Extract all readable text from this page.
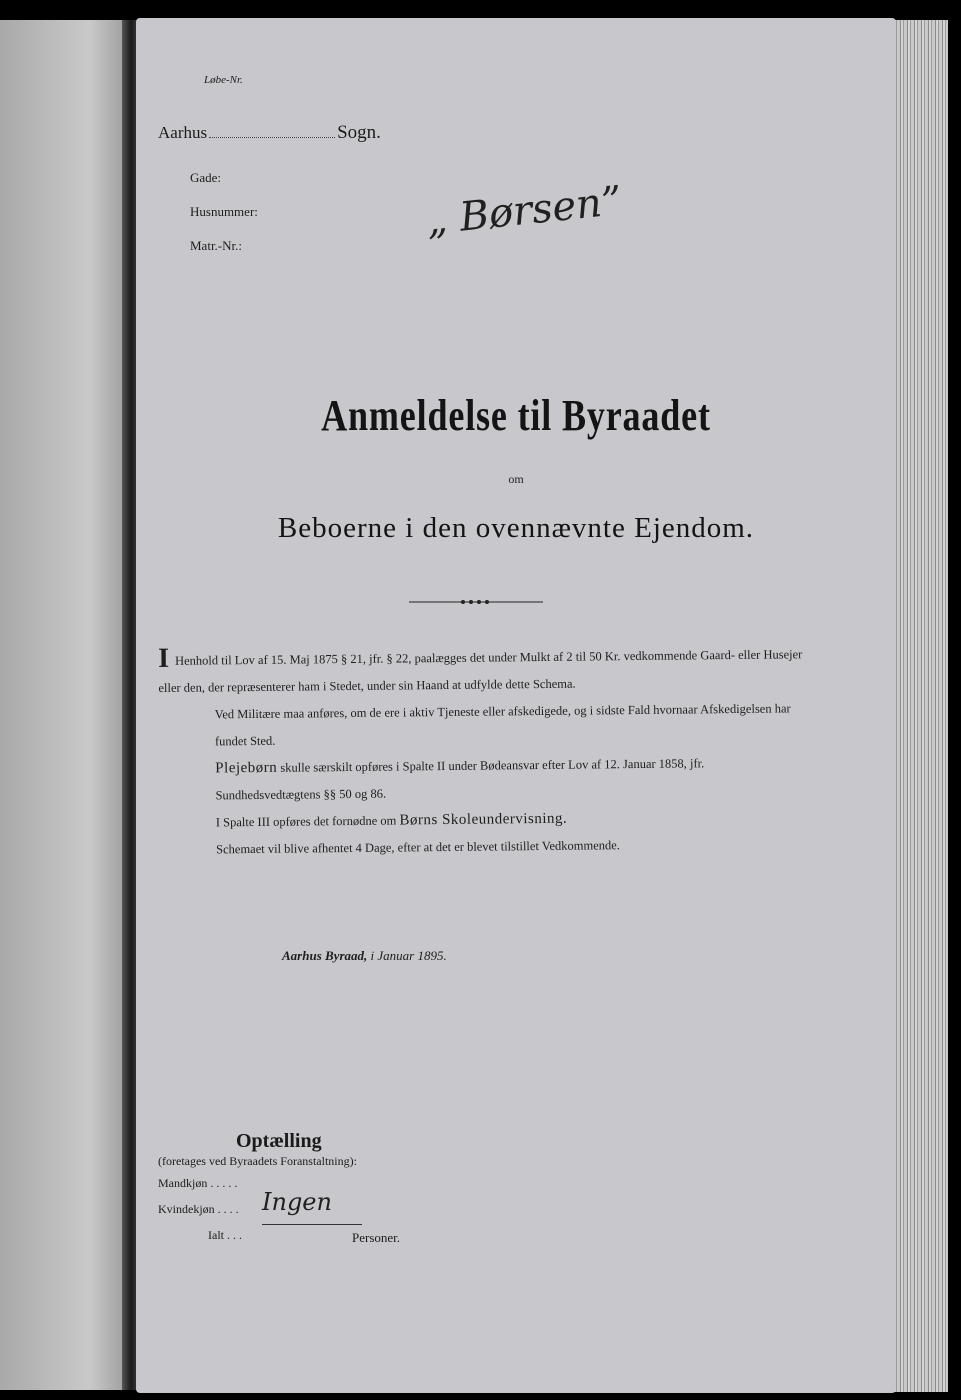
Løbe-Nr.
Aarhus	Sogn.
Gade:
Husnummer:
Matr.-Nr.:
„ Børsen”
Anmeldelse til Byraadet
om
Beboerne i den ovennævnte Ejendom.

I Henhold til Lov af 15. Maj 1875 § 21, jfr. § 22, paalægges det under Mulkt af 2 til 50 Kr. vedkommende Gaard- eller Husejer eller den, der repræsenterer ham i Stedet, under sin Haand at udfylde dette Schema.

Ved Militære maa anføres, om de ere i aktiv Tjeneste eller afskedigede, og i sidste Fald hvornaar Afskedigelsen har fundet Sted.

Plejebørn skulle særskilt opføres i Spalte II under Bødeansvar efter Lov af 12. Januar 1858, jfr. Sundhedsvedtægtens §§ 50 og 86.

I Spalte III opføres det fornødne om Børns Skoleundervisning.

Schemaet vil blive afhentet 4 Dage, efter at det er blevet tilstillet Vedkommende.

Aarhus Byraad, i Januar 1895.
Optælling
(foretages ved Byraadets Foranstaltning):
Mandkjøn . . . . .
Kvindekjøn . . . .
Ialt . . .	Personer.
Ingen
